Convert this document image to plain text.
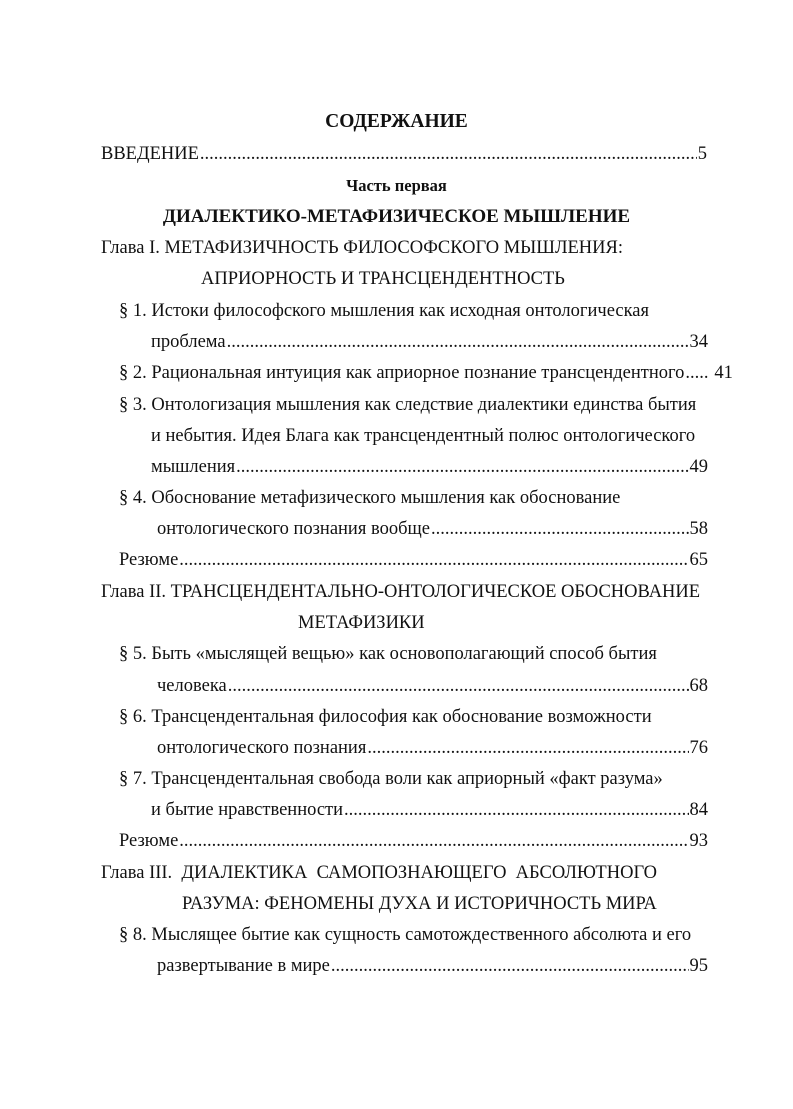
СОДЕРЖАНИЕ
ВВЕДЕНИЕ .....	5
Часть первая
ДИАЛЕКТИКО-МЕТАФИЗИЧЕСКОЕ МЫШЛЕНИЕ
Глава I. МЕТАФИЗИЧНОСТЬ ФИЛОСОФСКОГО МЫШЛЕНИЯ:
АПРИОРНОСТЬ И ТРАНСЦЕНДЕНТНОСТЬ
§ 1. Истоки философского мышления как исходная онтологическая
проблема .....	34
§ 2. Рациональная интуиция как априорное познание трансцендентного ..... 41
§ 3. Онтологизация мышления как следствие диалектики единства бытия
и небытия. Идея Блага как трансцендентный полюс онтологического
мышления .....	49
§ 4. Обоснование метафизического мышления как обоснование
онтологического познания вообще .....	58
Резюме .....	65
Глава II. ТРАНСЦЕНДЕНТАЛЬНО-ОНТОЛОГИЧЕСКОЕ ОБОСНОВАНИЕ
МЕТАФИЗИКИ
§ 5. Быть «мыслящей вещью» как основополагающий способ бытия
человека .....	68
§ 6. Трансцендентальная философия как обоснование возможности
онтологического познания .....	76
§ 7. Трансцендентальная свобода воли как априорный «факт разума»
и бытие нравственности .....	84
Резюме .....	93
Глава III.  ДИАЛЕКТИКА  САМОПОЗНАЮЩЕГО  АБСОЛЮТНОГО
РАЗУМА: ФЕНОМЕНЫ ДУХА И ИСТОРИЧНОСТЬ МИРА
§ 8. Мыслящее бытие как сущность самотождественного абсолюта и его
развертывание в мире .....	95
